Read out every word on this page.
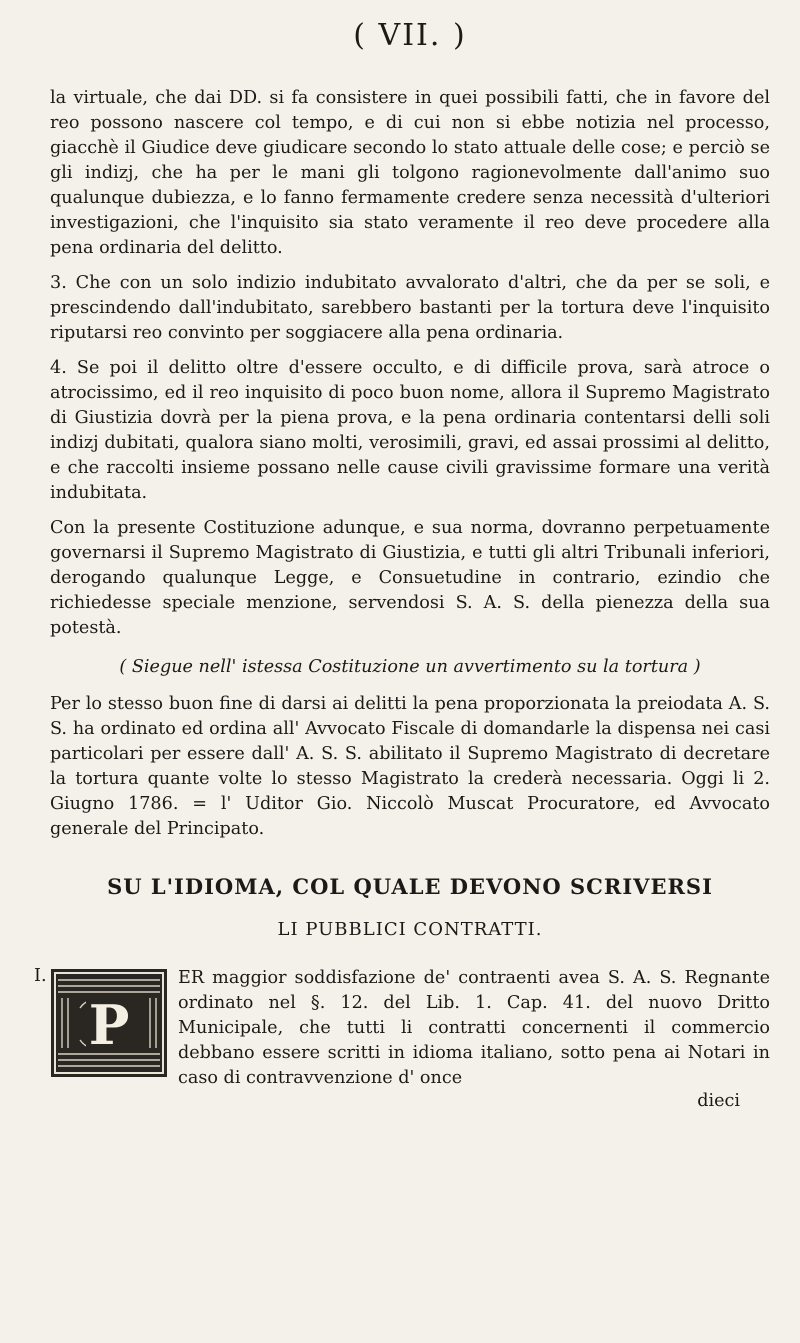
( VII. )

la virtuale, che dai DD. si fa consistere in quei possibili fatti, che in favore del reo possono nascere col tempo, e di cui non si ebbe notizia nel processo, giacchè il Giudice deve giudicare secondo lo stato attuale delle cose; e perciò se gli indizj, che ha per le mani gli tolgono ragionevolmente dall'animo suo qualunque dubiezza, e lo fanno fermamente credere senza necessità d'ulteriori investigazioni, che l'inquisito sia stato veramente il reo deve procedere alla pena ordinaria del delitto.

3. Che con un solo indizio indubitato avvalorato d'altri, che da per se soli, e prescindendo dall'indubitato, sarebbero bastanti per la tortura deve l'inquisito riputarsi reo convinto per soggiacere alla pena ordinaria.

4. Se poi il delitto oltre d'essere occulto, e di difficile prova, sarà atroce o atrocissimo, ed il reo inquisito di poco buon nome, allora il Supremo Magistrato di Giustizia dovrà per la piena prova, e la pena ordinaria contentarsi delli soli indizj dubitati, qualora siano molti, verosimili, gravi, ed assai prossimi al delitto, e che raccolti insieme possano nelle cause civili gravissime formare una verità indubitata.

Con la presente Costituzione adunque, e sua norma, dovranno perpetuamente governarsi il Supremo Magistrato di Giustizia, e tutti gli altri Tribunali inferiori, derogando qualunque Legge, e Consuetudine in contrario, ezindio che richiedesse speciale menzione, servendosi S. A. S. della pienezza della sua potestà.

( Siegue nell' istessa Costituzione un avvertimento su la tortura )

Per lo stesso buon fine di darsi ai delitti la pena proporzionata la preiodata A. S. S. ha ordinato ed ordina all' Avvocato Fiscale di domandarle la dispensa nei casi particolari per essere dall' A. S. S. abilitato il Supremo Magistrato di decretare la tortura quante volte lo stesso Magistrato la crederà necessaria. Oggi li 2. Giugno 1786. = l' Uditor Gio. Niccolò Muscat Procuratore, ed Avvocato generale del Principato.

SU L'IDIOMA, COL QUALE DEVONO SCRIVERSI
LI PUBBLICI CONTRATTI.
I.
P

ER maggior soddisfazione de' contraenti avea S. A. S. Regnante ordinato nel §. 12. del Lib. 1. Cap. 41. del nuovo Dritto Municipale, che tutti li contratti concernenti il commercio debbano essere scritti in idioma italiano, sotto pena ai Notari in caso di contravvenzione d' once

dieci
